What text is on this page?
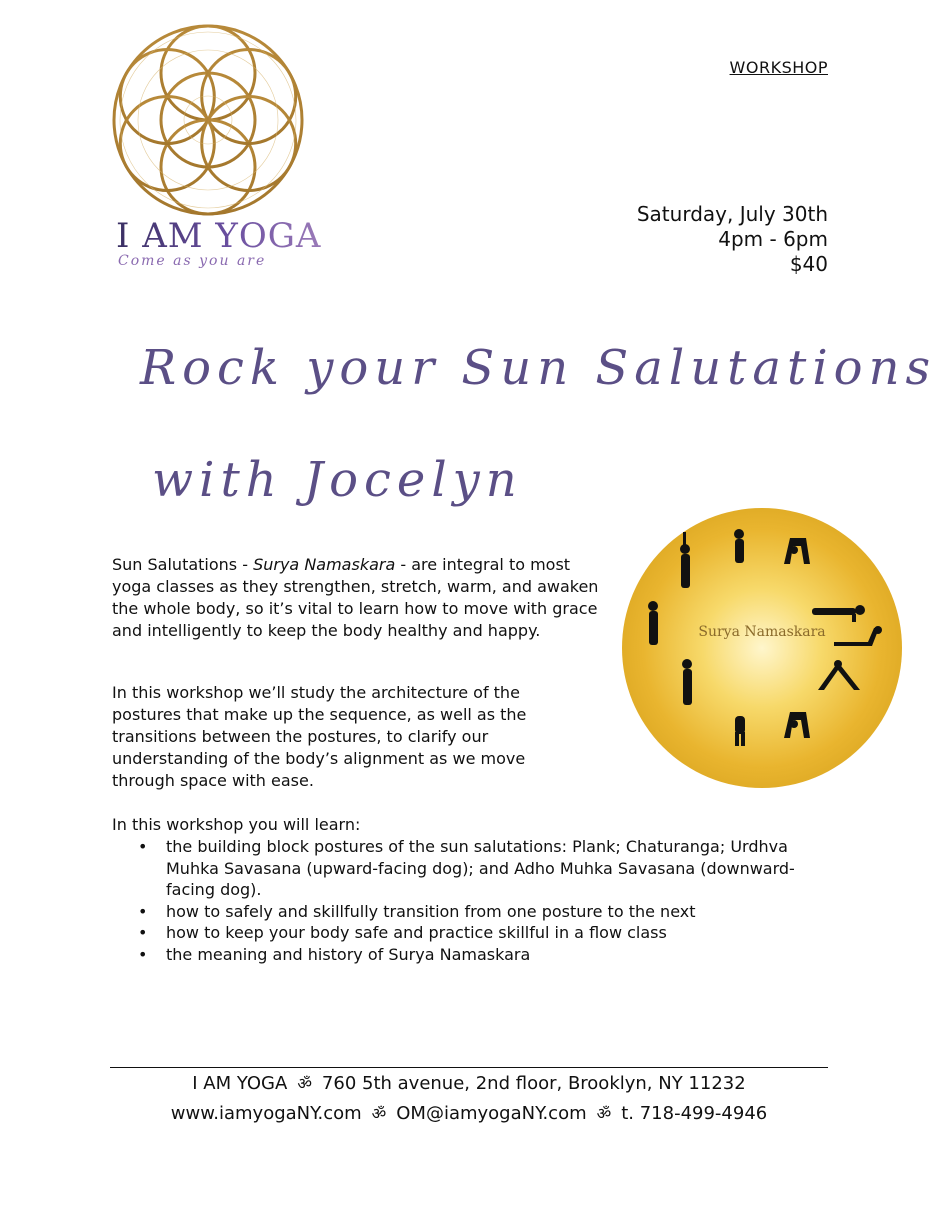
I AM YOGA
Come as you are
WORKSHOP
Saturday, July 30th
4pm - 6pm
$40
Rock your Sun Salutations
with Jocelyn
Surya Namaskara

Sun Salutations - Surya Namaskara - are integral to most yoga classes as they strengthen, stretch, warm, and awaken the whole body, so it’s vital to learn how to move with grace and intelligently to keep the body healthy and happy.

In this workshop we’ll study the architecture of the postures that make up the sequence, as well as the transitions between the postures, to clarify our understanding of the body’s alignment as we move through space with ease.

In this workshop you will learn:

• the building block postures of the sun salutations: Plank; Chaturanga; Urdhva Muhka Savasana (upward-facing dog); and Adho Muhka Savasana (downward-facing dog).
• how to safely and skillfully transition from one posture to the next
• how to keep your body safe and practice skillful in a flow class
• the meaning and history of Surya Namaskara
I AM YOGA ॐ 760 5th avenue, 2nd floor, Brooklyn, NY 11232
www.iamyogaNY.com ॐ OM@iamyogaNY.com ॐ t. 718-499-4946
